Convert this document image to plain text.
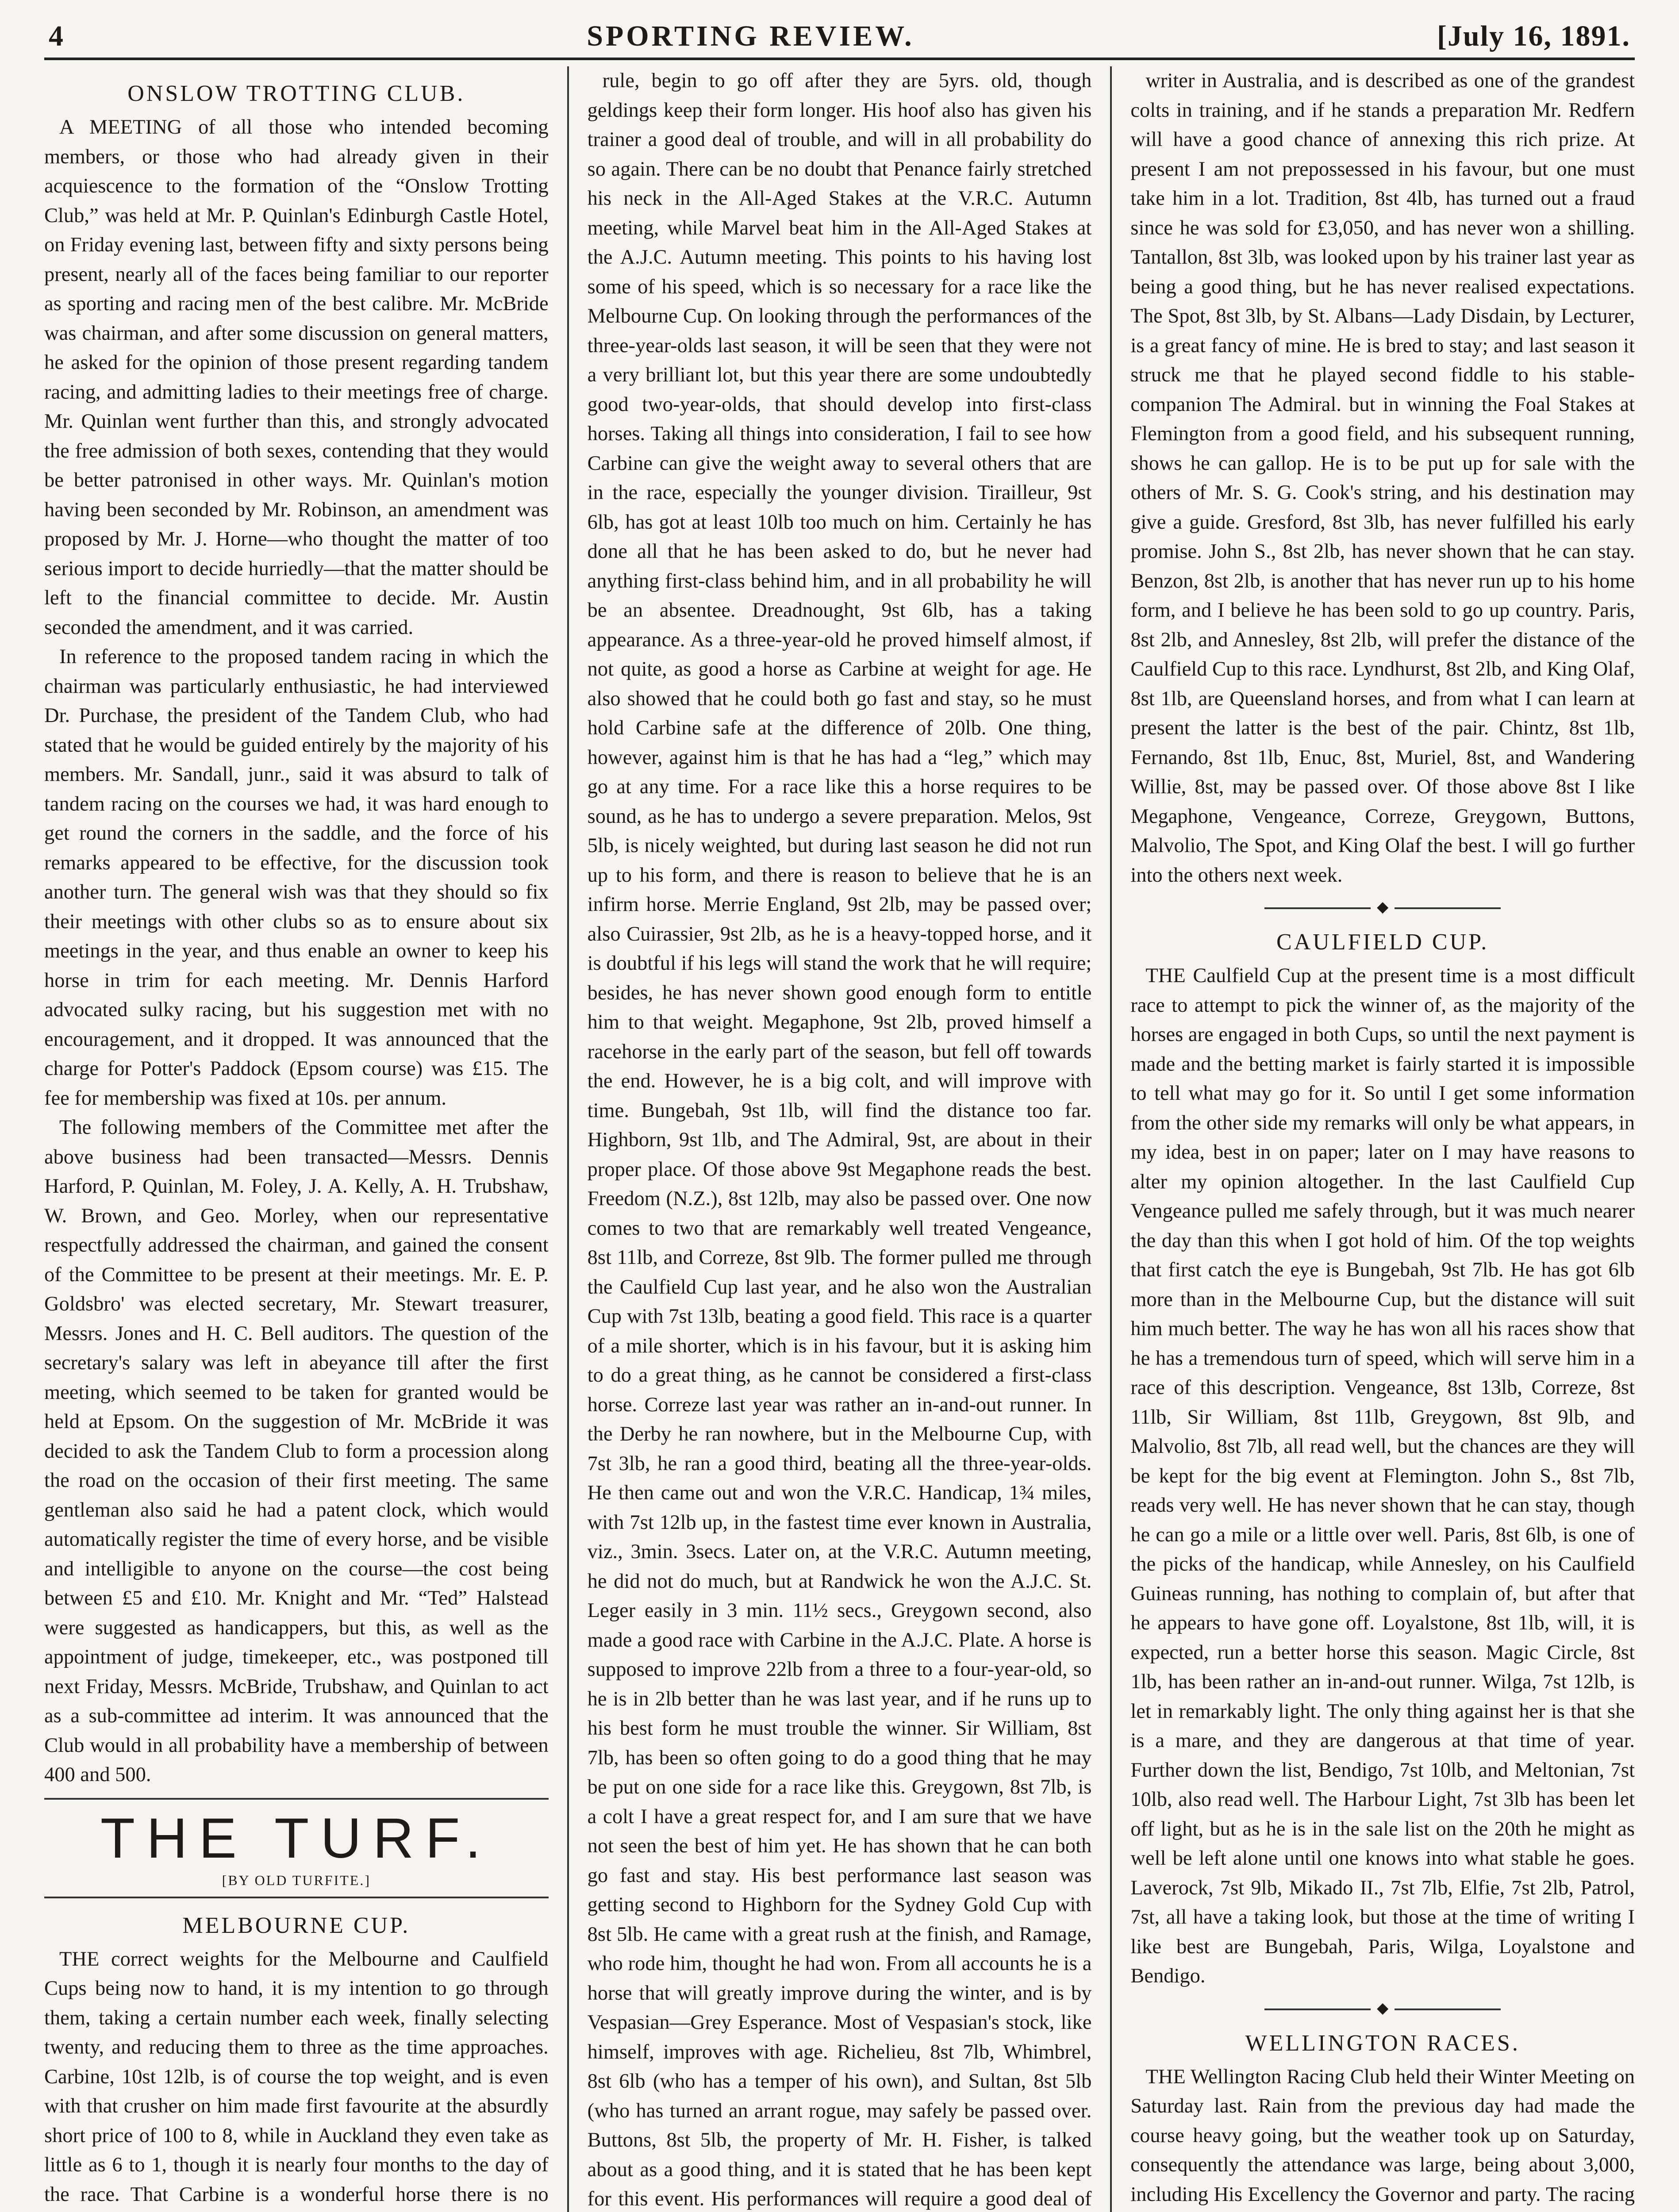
4	SPORTING REVIEW.	[July 16, 1891.
ONSLOW TROTTING CLUB.

A MEETING of all those who intended becoming members, or those who had already given in their acquiescence to the formation of the “Onslow Trotting Club,” was held at Mr. P. Quinlan's Edinburgh Castle Hotel, on Friday evening last, between fifty and sixty persons being present, nearly all of the faces being familiar to our reporter as sporting and racing men of the best calibre. Mr. McBride was chairman, and after some discussion on general matters, he asked for the opinion of those present regarding tandem racing, and admitting ladies to their meetings free of charge. Mr. Quinlan went further than this, and strongly advocated the free admission of both sexes, contending that they would be better patronised in other ways. Mr. Quinlan's motion having been seconded by Mr. Robinson, an amendment was proposed by Mr. J. Horne—who thought the matter of too serious import to decide hurriedly—that the matter should be left to the financial committee to decide. Mr. Austin seconded the amendment, and it was carried.

In reference to the proposed tandem racing in which the chairman was particularly enthusiastic, he had interviewed Dr. Purchase, the president of the Tandem Club, who had stated that he would be guided entirely by the majority of his members. Mr. Sandall, junr., said it was absurd to talk of tandem racing on the courses we had, it was hard enough to get round the corners in the saddle, and the force of his remarks appeared to be effective, for the discussion took another turn. The general wish was that they should so fix their meetings with other clubs so as to ensure about six meetings in the year, and thus enable an owner to keep his horse in trim for each meeting. Mr. Dennis Harford advocated sulky racing, but his suggestion met with no encouragement, and it dropped. It was announced that the charge for Potter's Paddock (Epsom course) was £15. The fee for membership was fixed at 10s. per annum.

The following members of the Committee met after the above business had been transacted—Messrs. Dennis Harford, P. Quinlan, M. Foley, J. A. Kelly, A. H. Trubshaw, W. Brown, and Geo. Morley, when our representative respectfully addressed the chairman, and gained the consent of the Committee to be present at their meetings. Mr. E. P. Goldsbro' was elected secretary, Mr. Stewart treasurer, Messrs. Jones and H. C. Bell auditors. The question of the secretary's salary was left in abeyance till after the first meeting, which seemed to be taken for granted would be held at Epsom. On the suggestion of Mr. McBride it was decided to ask the Tandem Club to form a procession along the road on the occasion of their first meeting. The same gentleman also said he had a patent clock, which would automatically register the time of every horse, and be visible and intelligible to anyone on the course—the cost being between £5 and £10. Mr. Knight and Mr. “Ted” Halstead were suggested as handicappers, but this, as well as the appointment of judge, timekeeper, etc., was postponed till next Friday, Messrs. McBride, Trubshaw, and Quinlan to act as a sub-committee ad interim. It was announced that the Club would in all probability have a membership of between 400 and 500.

THE TURF.
[BY OLD TURFITE.]
MELBOURNE CUP.

THE correct weights for the Melbourne and Caulfield Cups being now to hand, it is my intention to go through them, taking a certain number each week, finally selecting twenty, and reducing them to three as the time approaches. Carbine, 10st 12lb, is of course the top weight, and is even with that crusher on him made first favourite at the absurdly short price of 100 to 8, while in Auckland they even take as little as 6 to 1, though it is nearly four months to the day of the race. That Carbine is a wonderful horse there is no

rule, begin to go off after they are 5yrs. old, though geldings keep their form longer. His hoof also has given his trainer a good deal of trouble, and will in all probability do so again. There can be no doubt that Penance fairly stretched his neck in the All-Aged Stakes at the V.R.C. Autumn meeting, while Marvel beat him in the All-Aged Stakes at the A.J.C. Autumn meeting. This points to his having lost some of his speed, which is so necessary for a race like the Melbourne Cup. On looking through the performances of the three-year-olds last season, it will be seen that they were not a very brilliant lot, but this year there are some undoubtedly good two-year-olds, that should develop into first-class horses. Taking all things into consideration, I fail to see how Carbine can give the weight away to several others that are in the race, especially the younger division. Tirailleur, 9st 6lb, has got at least 10lb too much on him. Certainly he has done all that he has been asked to do, but he never had anything first-class behind him, and in all probability he will be an absentee. Dreadnought, 9st 6lb, has a taking appearance. As a three-year-old he proved himself almost, if not quite, as good a horse as Carbine at weight for age. He also showed that he could both go fast and stay, so he must hold Carbine safe at the difference of 20lb. One thing, however, against him is that he has had a “leg,” which may go at any time. For a race like this a horse requires to be sound, as he has to undergo a severe preparation. Melos, 9st 5lb, is nicely weighted, but during last season he did not run up to his form, and there is reason to believe that he is an infirm horse. Merrie England, 9st 2lb, may be passed over; also Cuirassier, 9st 2lb, as he is a heavy-topped horse, and it is doubtful if his legs will stand the work that he will require; besides, he has never shown good enough form to entitle him to that weight. Megaphone, 9st 2lb, proved himself a racehorse in the early part of the season, but fell off towards the end. However, he is a big colt, and will improve with time. Bungebah, 9st 1lb, will find the distance too far. Highborn, 9st 1lb, and The Admiral, 9st, are about in their proper place. Of those above 9st Megaphone reads the best. Freedom (N.Z.), 8st 12lb, may also be passed over. One now comes to two that are remarkably well treated Vengeance, 8st 11lb, and Correze, 8st 9lb. The former pulled me through the Caulfield Cup last year, and he also won the Australian Cup with 7st 13lb, beating a good field. This race is a quarter of a mile shorter, which is in his favour, but it is asking him to do a great thing, as he cannot be considered a first-class horse. Correze last year was rather an in-and-out runner. In the Derby he ran nowhere, but in the Melbourne Cup, with 7st 3lb, he ran a good third, beating all the three-year-olds. He then came out and won the V.R.C. Handicap, 1¾ miles, with 7st 12lb up, in the fastest time ever known in Australia, viz., 3min. 3secs. Later on, at the V.R.C. Autumn meeting, he did not do much, but at Randwick he won the A.J.C. St. Leger easily in 3 min. 11½ secs., Greygown second, also made a good race with Carbine in the A.J.C. Plate. A horse is supposed to improve 22lb from a three to a four-year-old, so he is in 2lb better than he was last year, and if he runs up to his best form he must trouble the winner. Sir William, 8st 7lb, has been so often going to do a good thing that he may be put on one side for a race like this. Greygown, 8st 7lb, is a colt I have a great respect for, and I am sure that we have not seen the best of him yet. He has shown that he can both go fast and stay. His best performance last season was getting second to Highborn for the Sydney Gold Cup with 8st 5lb. He came with a great rush at the finish, and Ramage, who rode him, thought he had won. From all accounts he is a horse that will greatly improve during the winter, and is by Vespasian—Grey Esperance. Most of Vespasian's stock, like himself, improves with age. Richelieu, 8st 7lb, Whimbrel, 8st 6lb (who has a temper of his own), and Sultan, 8st 5lb (who has turned an arrant rogue, may safely be passed over. Buttons, 8st 5lb, the property of Mr. H. Fisher, is talked about as a good thing, and it is stated that he has been kept for this event. His performances will require a good deal of

writer in Australia, and is described as one of the grandest colts in training, and if he stands a preparation Mr. Redfern will have a good chance of annexing this rich prize. At present I am not prepossessed in his favour, but one must take him in a lot. Tradition, 8st 4lb, has turned out a fraud since he was sold for £3,050, and has never won a shilling. Tantallon, 8st 3lb, was looked upon by his trainer last year as being a good thing, but he has never realised expectations. The Spot, 8st 3lb, by St. Albans—Lady Disdain, by Lecturer, is a great fancy of mine. He is bred to stay; and last season it struck me that he played second fiddle to his stable-companion The Admiral. but in winning the Foal Stakes at Flemington from a good field, and his subsequent running, shows he can gallop. He is to be put up for sale with the others of Mr. S. G. Cook's string, and his destination may give a guide. Gresford, 8st 3lb, has never fulfilled his early promise. John S., 8st 2lb, has never shown that he can stay. Benzon, 8st 2lb, is another that has never run up to his home form, and I believe he has been sold to go up country. Paris, 8st 2lb, and Annesley, 8st 2lb, will prefer the distance of the Caulfield Cup to this race. Lyndhurst, 8st 2lb, and King Olaf, 8st 1lb, are Queensland horses, and from what I can learn at present the latter is the best of the pair. Chintz, 8st 1lb, Fernando, 8st 1lb, Enuc, 8st, Muriel, 8st, and Wandering Willie, 8st, may be passed over. Of those above 8st I like Megaphone, Vengeance, Correze, Greygown, Buttons, Malvolio, The Spot, and King Olaf the best. I will go further into the others next week.

◆
CAULFIELD CUP.

THE Caulfield Cup at the present time is a most difficult race to attempt to pick the winner of, as the majority of the horses are engaged in both Cups, so until the next payment is made and the betting market is fairly started it is impossible to tell what may go for it. So until I get some information from the other side my remarks will only be what appears, in my idea, best in on paper; later on I may have reasons to alter my opinion altogether. In the last Caulfield Cup Vengeance pulled me safely through, but it was much nearer the day than this when I got hold of him. Of the top weights that first catch the eye is Bungebah, 9st 7lb. He has got 6lb more than in the Melbourne Cup, but the distance will suit him much better. The way he has won all his races show that he has a tremendous turn of speed, which will serve him in a race of this description. Vengeance, 8st 13lb, Correze, 8st 11lb, Sir William, 8st 11lb, Greygown, 8st 9lb, and Malvolio, 8st 7lb, all read well, but the chances are they will be kept for the big event at Flemington. John S., 8st 7lb, reads very well. He has never shown that he can stay, though he can go a mile or a little over well. Paris, 8st 6lb, is one of the picks of the handicap, while Annesley, on his Caulfield Guineas running, has nothing to complain of, but after that he appears to have gone off. Loyalstone, 8st 1lb, will, it is expected, run a better horse this season. Magic Circle, 8st 1lb, has been rather an in-and-out runner. Wilga, 7st 12lb, is let in remarkably light. The only thing against her is that she is a mare, and they are dangerous at that time of year. Further down the list, Bendigo, 7st 10lb, and Meltonian, 7st 10lb, also read well. The Harbour Light, 7st 3lb has been let off light, but as he is in the sale list on the 20th he might as well be left alone until one knows into what stable he goes. Laverock, 7st 9lb, Mikado II., 7st 7lb, Elfie, 7st 2lb, Patrol, 7st, all have a taking look, but those at the time of writing I like best are Bungebah, Paris, Wilga, Loyalstone and Bendigo.

◆
WELLINGTON RACES.

THE Wellington Racing Club held their Winter Meeting on Saturday last. Rain from the previous day had made the course heavy going, but the weather took up on Saturday, consequently the attendance was large, being about 3,000, including His Excellency the Governor and party. The racing
